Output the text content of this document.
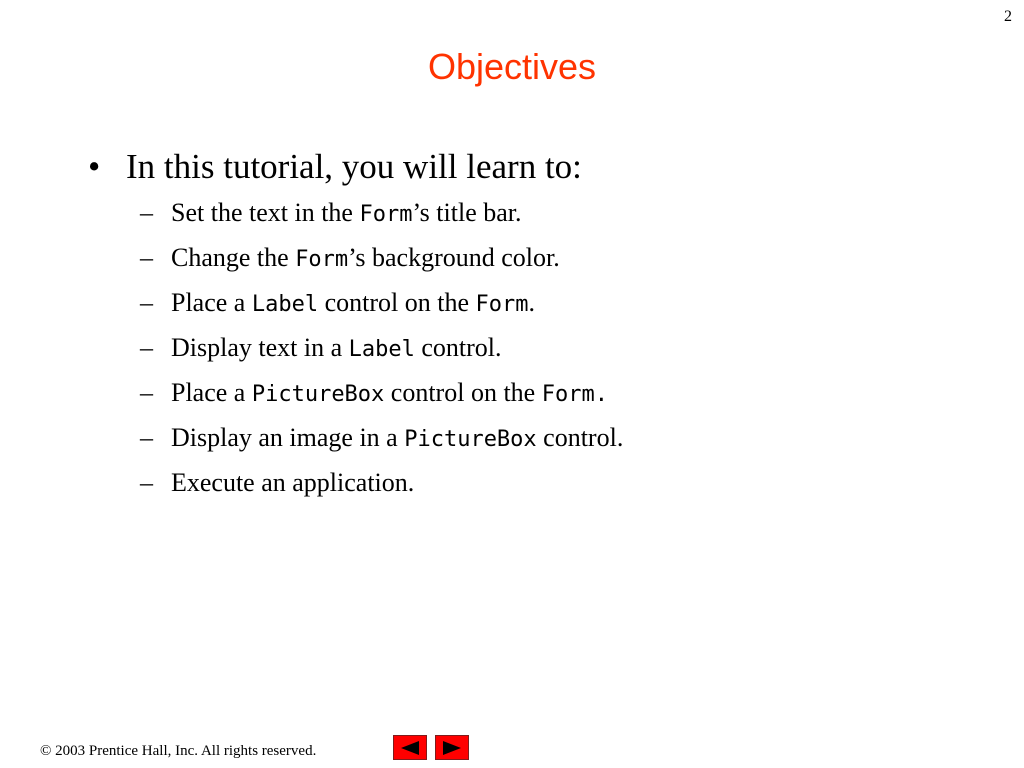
2
Objectives
• In this tutorial, you will learn to:
– Set the text in the Form’s title bar.
– Change the Form’s background color.
– Place a Label control on the Form.
– Display text in a Label control.
– Place a PictureBox control on the Form.
– Display an image in a PictureBox control.
– Execute an application.
© 2003 Prentice Hall, Inc. All rights reserved.
